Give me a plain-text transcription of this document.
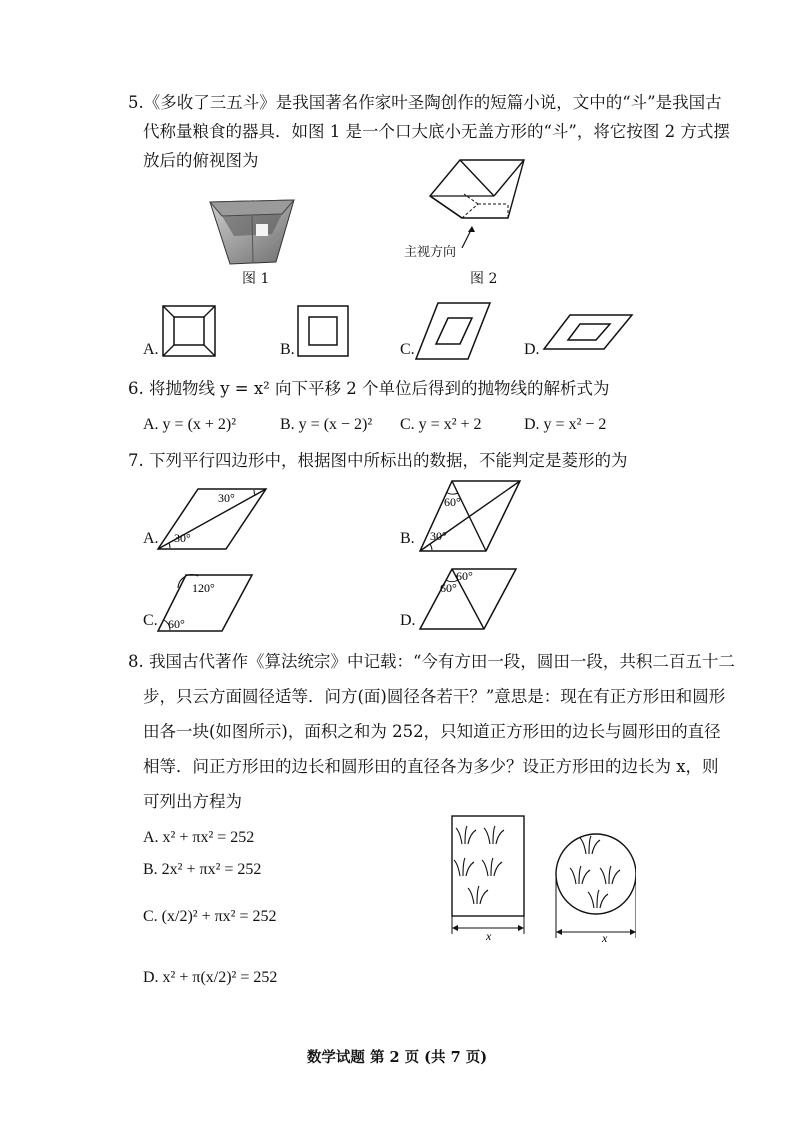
5.《多收了三五斗》是我国著名作家叶圣陶创作的短篇小说，文中的“斗”是我国古
代称量粮食的器具．如图 1 是一个口大底小无盖方形的“斗”，将它按图 2 方式摆
放后的俯视图为
图 1
主视方向
图 2
A.	B.	C.	D.
6. 将抛物线 y = x² 向下平移 2 个单位后得到的抛物线的解析式为
A. y = (x + 2)²	B. y = (x − 2)² C. y = x² + 2	D. y = x² − 2
7. 下列平行四边形中，根据图中所标出的数据，不能判定是菱形的为
A.
30°
30°	B.
60°
30°
C.
120°
60°	D.
60°
60°
8. 我国古代著作《算法统宗》中记载：“今有方田一段，圆田一段，共积二百五十二
步，只云方面圆径适等．问方(面)圆径各若干？”意思是：现在有正方形田和圆形
田各一块(如图所示)，面积之和为 252，只知道正方形田的边长与圆形田的直径
相等．问正方形田的边长和圆形田的直径各为多少？设正方形田的边长为 x，则
可列出方程为
A. x² + πx² = 252
B. 2x² + πx² = 252
C. (x/2)² + πx² = 252
D. x² + π(x/2)² = 252
x	x
数学试题 第 2 页 (共 7 页)
